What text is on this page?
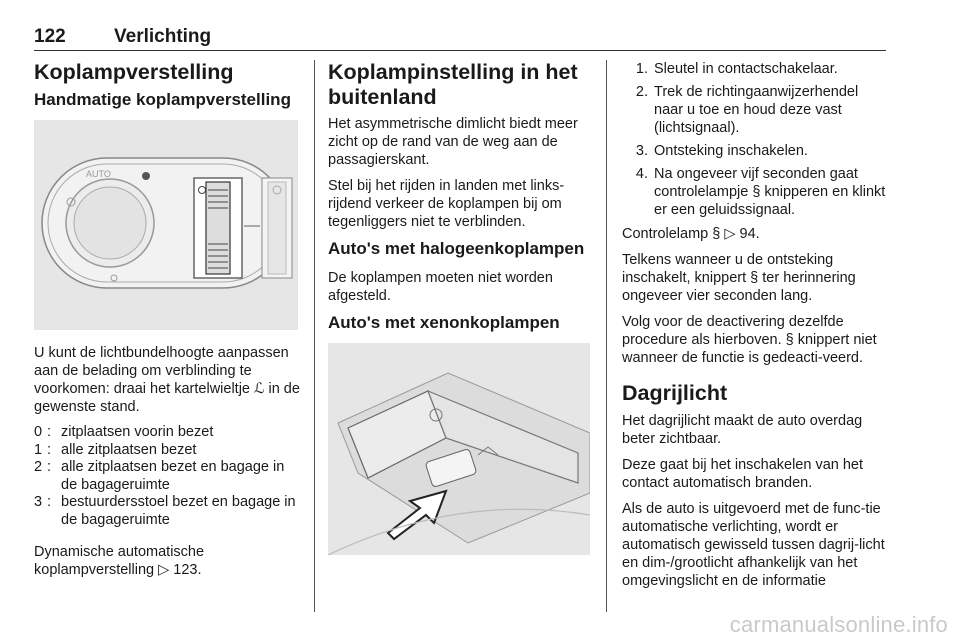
122	Verlichting
Koplampverstelling
Handmatige koplampverstelling
AUTO

U kunt de lichtbundelhoogte aanpassen aan de belading om verblinding te voorkomen: draai het kartelwieltje ℒ in de gewenste stand.

0 : zitplaatsen voorin bezet
1 : alle zitplaatsen bezet
2 : alle zitplaatsen bezet en bagage in de bagageruimte
3 : bestuurdersstoel bezet en bagage in de bagageruimte

Dynamische automatische koplampverstelling ▷ 123.

Koplampinstelling in het buitenland

Het asymmetrische dimlicht biedt meer zicht op de rand van de weg aan de passagierskant.

Stel bij het rijden in landen met links-rijdend verkeer de koplampen bij om tegenliggers niet te verblinden.

Auto's met halogeenkoplampen

De koplampen moeten niet worden afgesteld.

Auto's met xenonkoplampen
1. Sleutel in contactschakelaar.
2. Trek de richtingaanwijzerhendel naar u toe en houd deze vast (lichtsignaal).
3. Ontsteking inschakelen.
4. Na ongeveer vijf seconden gaat controlelampje § knipperen en klinkt er een geluidssignaal.

Controlelamp § ▷ 94.

Telkens wanneer u de ontsteking inschakelt, knippert § ter herinnering ongeveer vier seconden lang.

Volg voor de deactivering dezelfde procedure als hierboven. § knippert niet wanneer de functie is gedeacti-veerd.

Dagrijlicht

Het dagrijlicht maakt de auto overdag beter zichtbaar.

Deze gaat bij het inschakelen van het contact automatisch branden.

Als de auto is uitgevoerd met de func-tie automatische verlichting, wordt er automatisch gewisseld tussen dagrij-licht en dim-/grootlicht afhankelijk van het omgevingslicht en de informatie

carmanualsonline.info
